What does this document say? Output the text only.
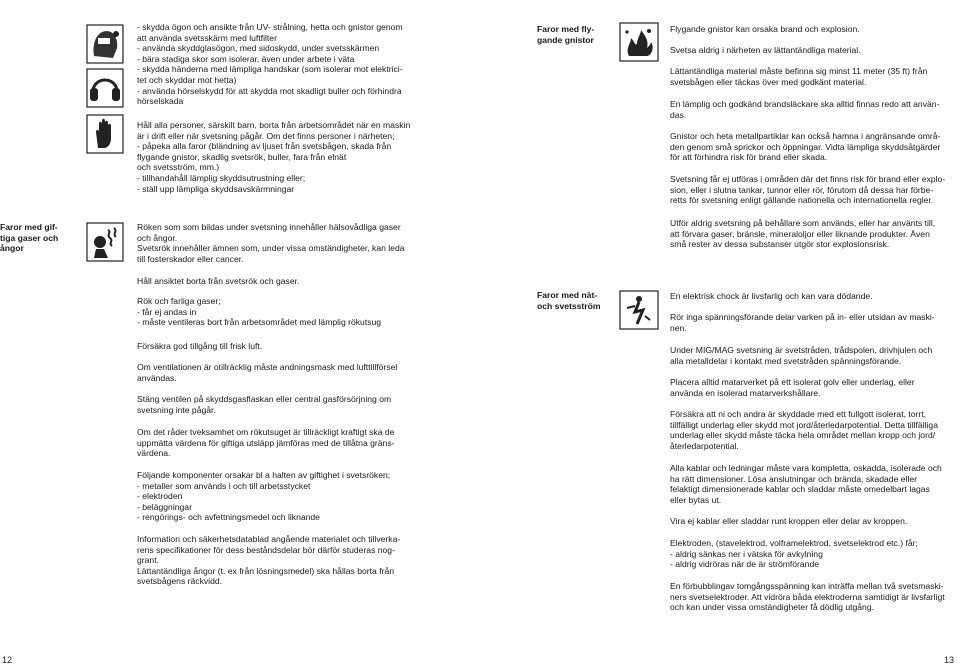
- skydda ögon och ansikte från UV- strålning, hetta och gnistor genom
att använda svetsskärm med luftfilter
- använda skyddglasögon, med sidoskydd, under svetsskärmen
- bära stadiga skor som isolerar, även under arbete i väta
- skydda händerna med lämpliga handskar (som isolerar mot elektrici-
tet och skyddar mot hetta)
- använda hörselskydd för att skydda mot skadligt buller och förhindra
hörselskada
Håll alla personer, särskilt barn, borta från arbetsområdet när en maskin
är i drift eller när svetsning pågår. Om det finns personer i närheten;
- påpeka alla faror (bländning av ljuset från svetsbågen, skada från
flygande gnistor, skadlig svetsrök, buller, fara från elnät
och svetsström, mm.)
- tillhandahåll lämplig skyddsutrustning eller;
- ställ upp lämpliga skyddsavskärmningar
Faror med gif-
tiga gaser och
ångor
Röken som som bildas under svetsning innehåller hälsovådliga gaser
och ångor.
Svetsrök innehåller ämnen som, under vissa omständigheter, kan leda
till fosterskador eller cancer.
Håll ansiktet borta från svetsrök och gaser.
Rök och farliga gaser;
- får ej andas in
- måste ventileras bort från arbetsområdet med lämplig rökutsug
Försäkra god tillgång till frisk luft.
Om ventilationen är otillräcklig måste andningsmask med lufttillförsel
användas.
Stäng ventilen på skyddsgasflaskan eller central gasförsörjning om
svetsning inte pågår.
Om det råder tveksamhet om rökutsuget är tillräckligt kraftigt ska de
uppmätta värdena för giftiga utsläpp jämföras med de tillåtna gräns-
värdena.
Följande komponenter orsakar bl a halten av giftighet i svetsröken;
- metaller som används i och till arbetsstycket
- elektroden
- beläggningar
- rengörings- och avfettningsmedel och liknande
Information och säkerhetsdatablad angående materialet och tillverka-
rens specifikationer för dess beståndsdelar bör därför studeras nog-
grant.
Lättantändliga ångor (t. ex från lösningsmedel) ska hållas borta från
svetsbågens räckvidd.
12
Faror med fly-
gande gnistor
Flygande gnistor kan orsaka brand och explosion.
Svetsa aldrig i närheten av lättantändliga material.
Lättantändliga material måste befinna sig minst 11 meter (35 ft) från
svetsbågen eller täckas över med godkänt material.
En lämplig och godkänd brandsläckare ska alltid finnas redo att använ-
das.
Gnistor och heta metallpartiklar kan också hamna i angränsande områ-
den genom små sprickor och öppningar. Vidta lämpliga skyddsåtgärder
för att förhindra risk för brand eller skada.
Svetsning får ej utföras i områden där det finns risk för brand eller explo-
sion, eller i slutna tankar, tunnor eller rör, förutom då dessa har förbe-
retts för svetsning enligt gällande nationella och internationella regler.
Utför aldrig svetsning på behållare som används, eller har använts till,
att förvara gaser, bränsle, mineraloljor eller liknande produkter. Även
små rester av dessa substanser utgör stor explosionsrisk.
Faror med nät-
och svetsström
En elektrisk chock är livsfarlig och kan vara dödande.
Rör inga spänningsförande delar varken på in- eller utsidan av maski-
nen.
Under MIG/MAG svetsning är svetstråden, trådspolen, drivhjulen och
alla metalldelar i kontakt med svetstråden spänningsförande.
Placera alltid matarverket på ett isolerat golv eller underlag, eller
använda en isolerad matarverkshållare.
Försäkra att ni och andra är skyddade med ett fullgott isolerat, torrt,
tillfälligt underlag eller skydd mot jord/återledarpotential. Detta tillfälliga
underlag eller skydd måste täcka hela området mellan kropp och jord/
återledarpotential.
Alla kablar och ledningar måste vara kompletta, oskadda, isolerade och
ha rätt dimensioner. Lösa anslutningar och brända, skadade eller
felaktigt dimensionerade kablar och sladdar måste omedelbart lagas
eller bytas ut.
Vira ej kablar eller sladdar runt kroppen eller delar av kroppen.
Elektroden, (stavelektrod, volframelektrod, svetselektrod etc.) får;
- aldrig sänkas ner i vätska för avkylning
- aldrig vidröras när de är strömförande
En förbubblingav tomgångsspänning kan inträffa mellan två svetsmaski-
ners svetselektroder. Att vidröra båda elektroderna samtidigt är livsfarligt
och kan under vissa omständigheter få dödlig utgång.
13
